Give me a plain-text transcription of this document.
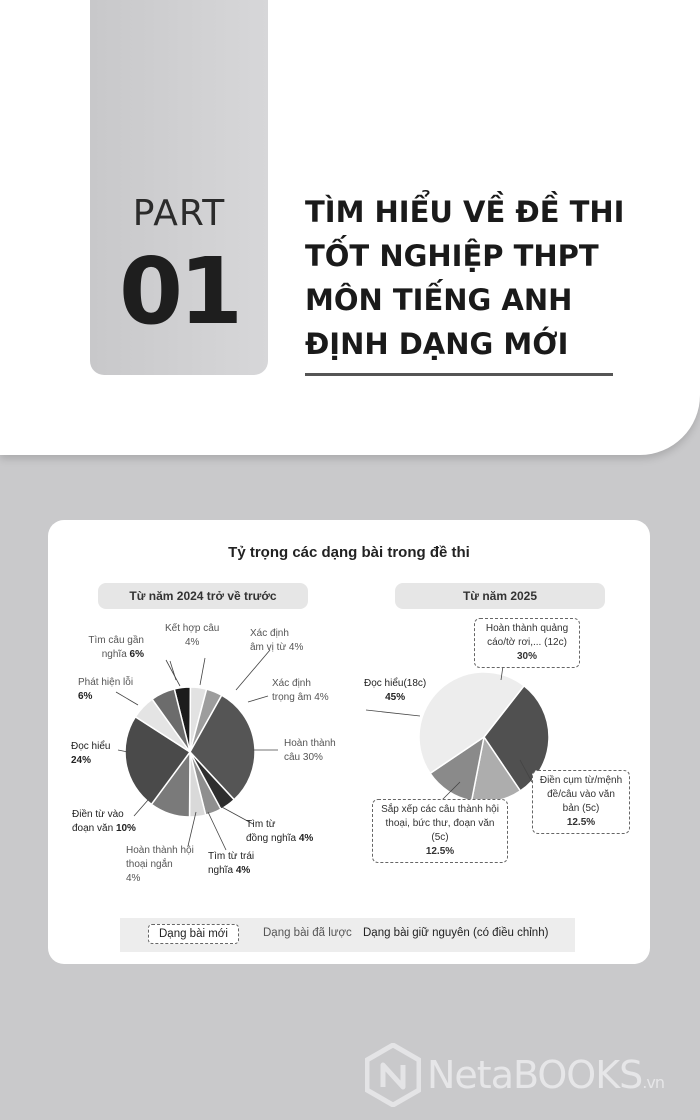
PART
01
TÌM HIỂU VỀ ĐỀ THI
TỐT NGHIỆP THPT
MÔN TIẾNG ANH
ĐỊNH DẠNG MỚI
Tỷ trọng các dạng bài trong đề thi
Từ năm 2024 trở về trước	Từ năm 2025
Kết hợp câu
4%
Xác định
âm vị từ 4%
Tìm câu gần
nghĩa 6%
Phát hiện lỗi
6%
Xác định
trọng âm 4%
Đọc hiểu
24%
Hoàn thành
câu 30%
Điền từ vào
đoạn văn 10%	Tìm từ
đồng nghĩa 4%
Hoàn thành hội
thoại ngắn
4%
Tìm từ trái
nghĩa 4%
Hoàn thành quảng
cáo/tờ rơi,... (12c)
30%
Đọc hiểu(18c)
45%
Điền cụm từ/mệnh
đề/câu vào văn
bản (5c)
12.5%
Sắp xếp các câu thành hội
thoại, bức thư, đoạn văn (5c)
12.5%
Dạng bài mới	Dạng bài đã lược Dạng bài giữ nguyên (có điều chỉnh)
NetaBOOKS.vn
